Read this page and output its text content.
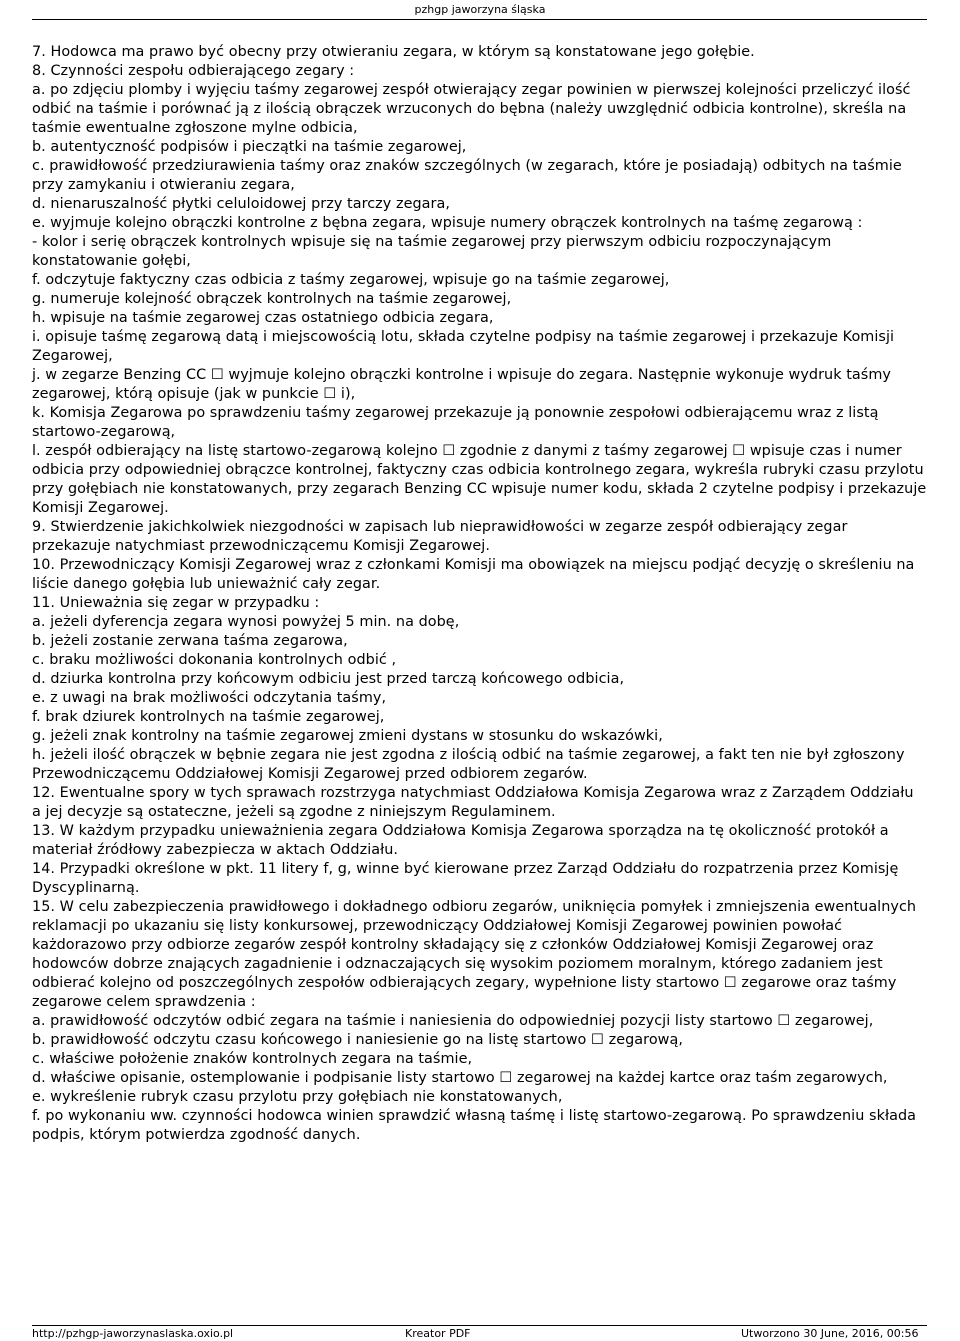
pzhgp jaworzyna śląska

7. Hodowca ma prawo być obecny przy otwieraniu zegara, w którym są konstatowane jego gołębie.

8. Czynności zespołu odbierającego zegary :

a. po zdjęciu plomby i wyjęciu taśmy zegarowej zespół otwierający zegar powinien w pierwszej kolejności przeliczyć ilość odbić na taśmie i porównać ją z ilością obrączek wrzuconych do bębna (należy uwzględnić odbicia kontrolne), skreśla na taśmie ewentualne zgłoszone mylne odbicia,

b. autentyczność podpisów i pieczątki na taśmie zegarowej,

c. prawidłowość przedziurawienia taśmy oraz znaków szczególnych (w zegarach, które je posiadają) odbitych na taśmie przy zamykaniu i otwieraniu zegara,

d. nienaruszalność płytki celuloidowej przy tarczy zegara,

e. wyjmuje kolejno obrączki kontrolne z bębna zegara, wpisuje numery obrączek kontrolnych na taśmę zegarową :

- kolor i serię obrączek kontrolnych wpisuje się na taśmie zegarowej przy pierwszym odbiciu rozpoczynającym konstatowanie gołębi,

f. odczytuje faktyczny czas odbicia z taśmy zegarowej, wpisuje go na taśmie zegarowej,

g. numeruje kolejność obrączek kontrolnych na taśmie zegarowej,

h. wpisuje na taśmie zegarowej czas ostatniego odbicia zegara,

i. opisuje taśmę zegarową datą i miejscowością lotu, składa czytelne podpisy na taśmie zegarowej i przekazuje Komisji Zegarowej,

j. w zegarze Benzing CC ☐ wyjmuje kolejno obrączki kontrolne i wpisuje do zegara. Następnie wykonuje wydruk taśmy zegarowej, którą opisuje (jak w punkcie ☐ i),

k. Komisja Zegarowa po sprawdzeniu taśmy zegarowej przekazuje ją ponownie zespołowi odbierającemu wraz z listą startowo-zegarową,

l. zespół odbierający na listę startowo-zegarową kolejno ☐ zgodnie z danymi z taśmy zegarowej ☐ wpisuje czas i numer odbicia przy odpowiedniej obrączce kontrolnej, faktyczny czas odbicia kontrolnego zegara, wykreśla rubryki czasu przylotu przy gołębiach nie konstatowanych, przy zegarach Benzing CC wpisuje numer kodu, składa 2 czytelne podpisy i przekazuje Komisji Zegarowej.

9. Stwierdzenie jakichkolwiek niezgodności w zapisach lub nieprawidłowości w zegarze zespół odbierający zegar przekazuje natychmiast przewodniczącemu Komisji Zegarowej.

10. Przewodniczący Komisji Zegarowej wraz z członkami Komisji ma obowiązek na miejscu podjąć decyzję o skreśleniu na liście danego gołębia lub unieważnić cały zegar.

11. Unieważnia się zegar w przypadku :

a. jeżeli dyferencja zegara wynosi powyżej 5 min. na dobę,

b. jeżeli zostanie zerwana taśma zegarowa,

c. braku możliwości dokonania kontrolnych odbić ,

d. dziurka kontrolna przy końcowym odbiciu jest przed tarczą końcowego odbicia,

e. z uwagi na brak możliwości odczytania taśmy,

f. brak dziurek kontrolnych na taśmie zegarowej,

g. jeżeli znak kontrolny na taśmie zegarowej zmieni dystans w stosunku do wskazówki,

h. jeżeli ilość obrączek w bębnie zegara nie jest zgodna z ilością odbić na taśmie zegarowej, a fakt ten nie był zgłoszony Przewodniczącemu Oddziałowej Komisji Zegarowej przed odbiorem zegarów.

12. Ewentualne spory w tych sprawach rozstrzyga natychmiast Oddziałowa Komisja Zegarowa wraz z Zarządem Oddziału a jej decyzje są ostateczne, jeżeli są zgodne z niniejszym Regulaminem.

13. W każdym przypadku unieważnienia zegara Oddziałowa Komisja Zegarowa sporządza na tę okoliczność protokół a materiał źródłowy zabezpiecza w aktach Oddziału.

14. Przypadki określone w pkt. 11 litery f, g, winne być kierowane przez Zarząd Oddziału do rozpatrzenia przez Komisję Dyscyplinarną.

15. W celu zabezpieczenia prawidłowego i dokładnego odbioru zegarów, uniknięcia pomyłek i zmniejszenia ewentualnych reklamacji po ukazaniu się listy konkursowej, przewodniczący Oddziałowej Komisji Zegarowej powinien powołać każdorazowo przy odbiorze zegarów zespół kontrolny składający się z członków Oddziałowej Komisji Zegarowej oraz hodowców dobrze znających zagadnienie i odznaczających się wysokim poziomem moralnym, którego zadaniem jest odbierać kolejno od poszczególnych zespołów odbierających zegary, wypełnione listy startowo ☐ zegarowe oraz taśmy zegarowe celem sprawdzenia :

a. prawidłowość odczytów odbić zegara na taśmie i naniesienia do odpowiedniej pozycji listy startowo ☐ zegarowej,

b. prawidłowość odczytu czasu końcowego i naniesienie go na listę startowo ☐ zegarową,

c. właściwe położenie znaków kontrolnych zegara na taśmie,

d. właściwe opisanie, ostemplowanie i podpisanie listy startowo ☐ zegarowej na każdej kartce oraz taśm zegarowych,

e. wykreślenie rubryk czasu przylotu przy gołębiach nie konstatowanych,

f. po wykonaniu ww. czynności hodowca winien sprawdzić własną taśmę i listę startowo-zegarową. Po sprawdzeniu składa podpis, którym potwierdza zgodność danych.

http://pzhgp-jaworzynaslaska.oxio.pl	Kreator PDF	Utworzono 30 June, 2016, 00:56
